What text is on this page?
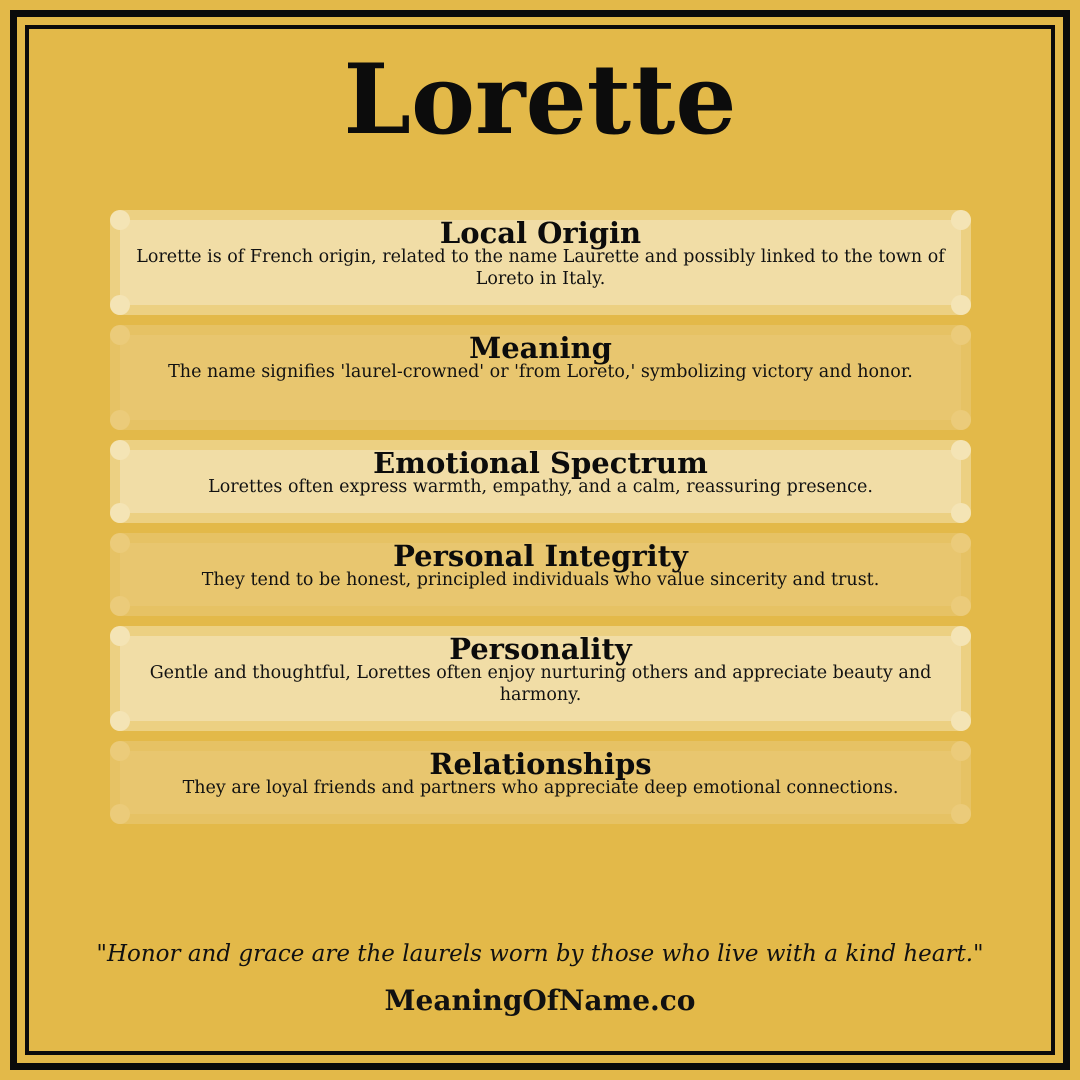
Lorette
Local Origin

Lorette is of French origin, related to the name Laurette and possibly linked to the town of Loreto in Italy.

Meaning

The name signifies 'laurel-crowned' or 'from Loreto,' symbolizing victory and honor.

Emotional Spectrum

Lorettes often express warmth, empathy, and a calm, reassuring presence.

Personal Integrity

They tend to be honest, principled individuals who value sincerity and trust.

Personality

Gentle and thoughtful, Lorettes often enjoy nurturing others and appreciate beauty and harmony.

Relationships

They are loyal friends and partners who appreciate deep emotional connections.

"Honor and grace are the laurels worn by those who live with a kind heart."
MeaningOfName.co
